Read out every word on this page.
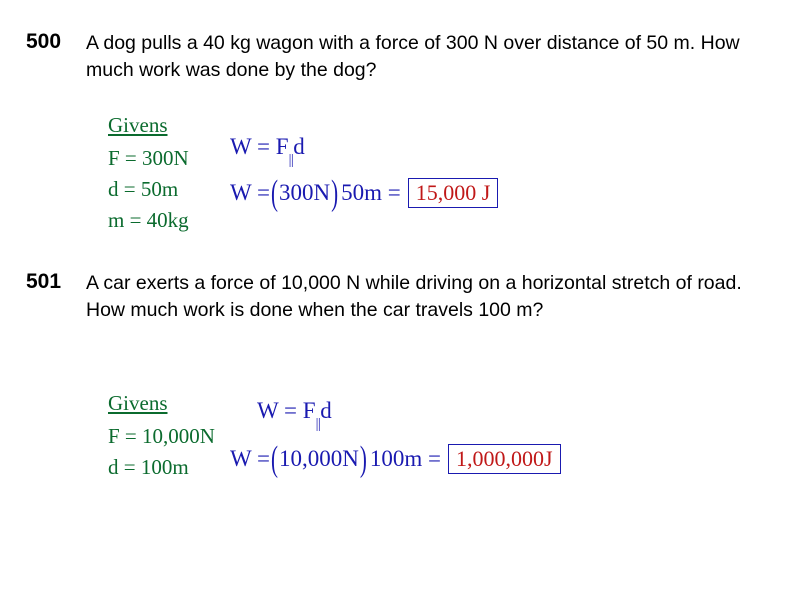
500 A dog pulls a 40 kg wagon with a force of 300 N over distance of 50 m. How much work was done by the dog?
Givens
F = 300N
d = 50m
m = 40kg
$W = F_{||}d$
W = ( 300N ) 50m = 15,000 J
501 A car exerts a force of 10,000 N while driving on a horizontal stretch of road. How much work is done when the car travels 100 m?
Givens
F = 10,000N
d = 100m
$W = F_{||}d$
W = ( 10,000N ) 100m = 1,000,000J
